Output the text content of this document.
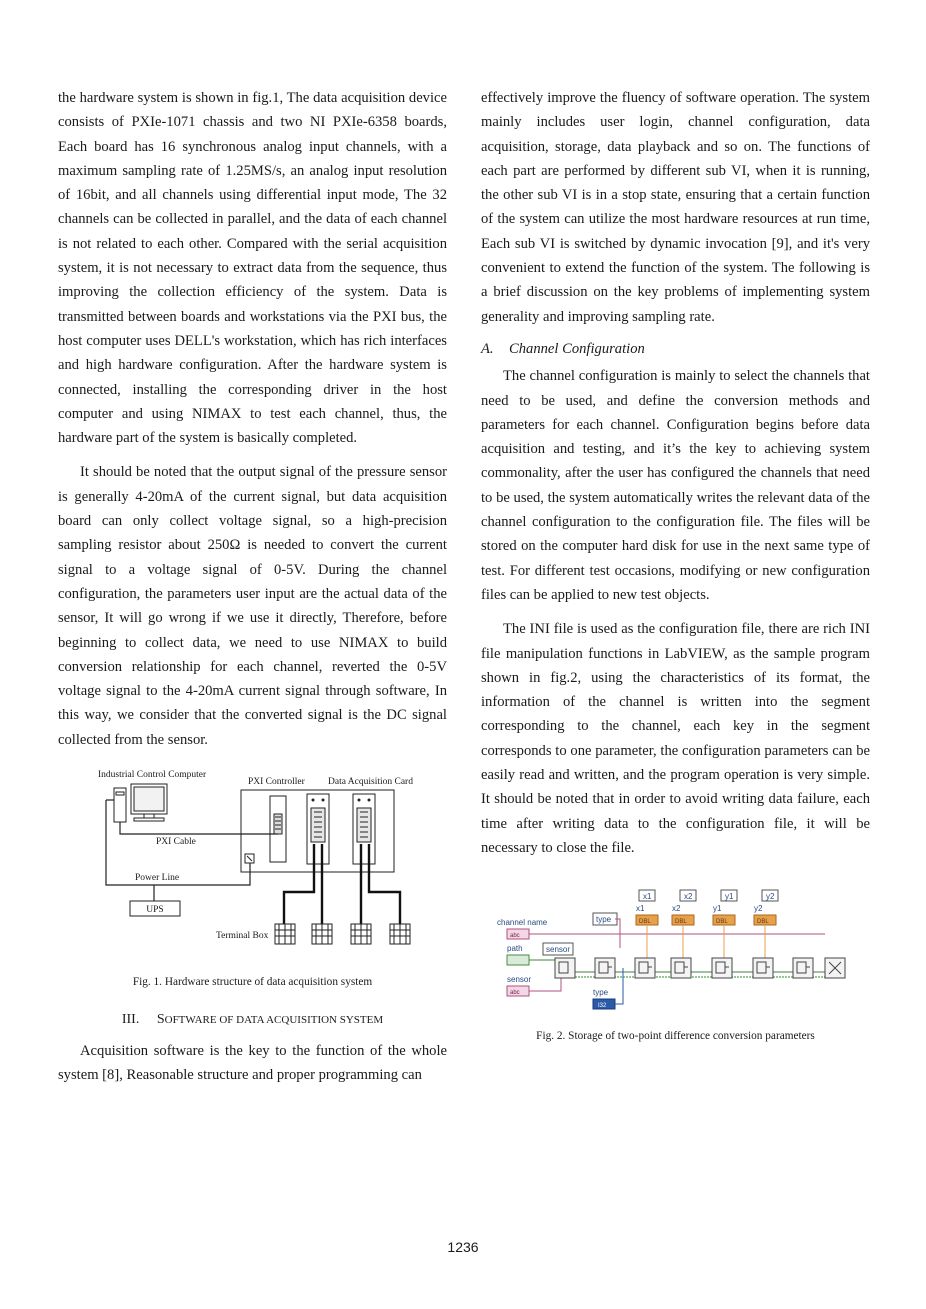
the hardware system is shown in fig.1, The data acquisition device consists of PXIe-1071 chassis and two NI PXIe-6358 boards, Each board has 16 synchronous analog input channels, with a maximum sampling rate of 1.25MS/s, an analog input resolution of 16bit, and all channels using differential input mode, The 32 channels can be collected in parallel, and the data of each channel is not related to each other. Compared with the serial acquisition system, it is not necessary to extract data from the sequence, thus improving the collection efficiency of the system. Data is transmitted between boards and workstations via the PXI bus, the host computer uses DELL's workstation, which has rich interfaces and high hardware configuration. After the hardware system is connected, installing the corresponding driver in the host computer and using NIMAX to test each channel, thus, the hardware part of the system is basically completed.

It should be noted that the output signal of the pressure sensor is generally 4-20mA of the current signal, but data acquisition board can only collect voltage signal, so a high-precision sampling resistor about 250Ω is needed to convert the current signal to a voltage signal of 0-5V. During the channel configuration, the parameters user input are the actual data of the sensor, It will go wrong if we use it directly, Therefore, before beginning to collect data, we need to use NIMAX to build conversion relationship for each channel, reverted the 0-5V voltage signal to the 4-20mA current signal through software, In this way, we consider that the converted signal is the DC signal collected from the sensor.

Industrial Control Computer
PXI Controller Data Acquisition Card
PXI Cable
Power Line
Terminal Box
UPS

Fig. 1. Hardware structure of data acquisition system

III. SOFTWARE OF DATA ACQUISITION SYSTEM

Acquisition software is the key to the function of the whole system [8], Reasonable structure and proper programming can

effectively improve the fluency of software operation. The system mainly includes user login, channel configuration, data acquisition, storage, data playback and so on. The functions of each part are performed by different sub VI, when it is running, the other sub VI is in a stop state, ensuring that a certain function of the system can utilize the most hardware resources at run time, Each sub VI is switched by dynamic invocation [9], and it's very convenient to extend the function of the system. The following is a brief discussion on the key problems of implementing system generality and improving sampling rate.

A. Channel Configuration

The channel configuration is mainly to select the channels that need to be used, and define the conversion methods and parameters for each channel. Configuration begins before data acquisition and testing, and it’s the key to achieving system commonality, after the user has configured the channels that need to be used, the system automatically writes the relevant data of the channel configuration to the configuration file. The files will be stored on the computer hard disk for use in the next same type of test. For different test occasions, modifying or new configuration files can be applied to new test objects.

The INI file is used as the configuration file, there are rich INI file manipulation functions in LabVIEW, as the sample program shown in fig.2, using the characteristics of its format, the information of the channel is written into the segment corresponding to the channel, each key in the segment corresponds to one parameter, the configuration parameters can be easily read and written, and the program operation is very simple. It should be noted that in order to avoid writing data failure, each time after writing data to the configuration file, it will be necessary to close the file.

channel name
path
sensor
x1	x2	y1	y2
type
x1	x2	y1	y2
type
sensor
DBL	DBL	DBL	DBL
abc
abc
I32

Fig. 2. Storage of two-point difference conversion parameters

1236
